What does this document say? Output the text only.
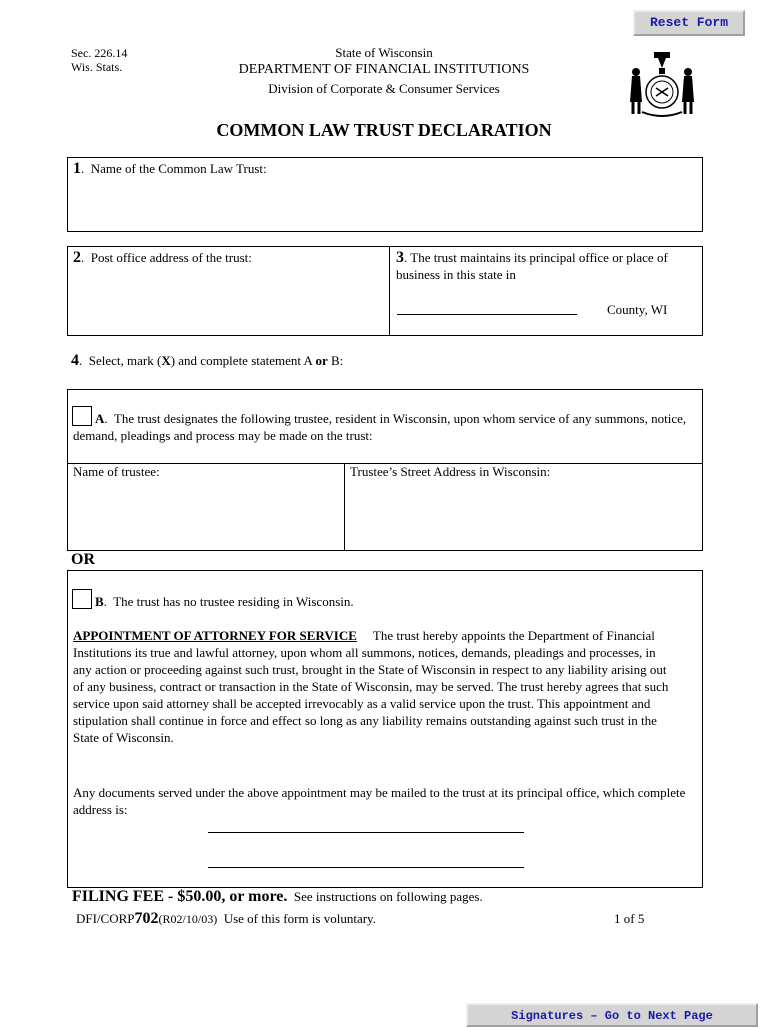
Reset Form
Sec. 226.14
Wis. Stats.
State of Wisconsin
DEPARTMENT OF FINANCIAL INSTITUTIONS
Division of Corporate & Consumer Services
COMMON LAW TRUST DECLARATION
1.  Name of the Common Law Trust:
2.  Post office address of the trust:	3. The trust maintains its principal office or place of business in this state in
County, WI
4.  Select, mark (X) and complete statement A or B:
A.  The trust designates the following trustee, resident in Wisconsin, upon whom service of any summons, notice, demand, pleadings and process may be made on the trust:
Name of trustee:	Trustee’s Street Address in Wisconsin:
OR
B.  The trust has no trustee residing in Wisconsin.
APPOINTMENT OF ATTORNEY FOR SERVICE The trust hereby appoints the Department of Financial Institutions its true and lawful attorney, upon whom all summons, notices, demands, pleadings and processes, in any action or proceeding against such trust, brought in the State of Wisconsin in respect to any liability arising out of any business, contract or transaction in the State of Wisconsin, may be served. The trust hereby agrees that such service upon said attorney shall be accepted irrevocably as a valid service upon the trust. This appointment and stipulation shall continue in force and effect so long as any liability remains outstanding against such trust in the State of Wisconsin.
Any documents served under the above appointment may be mailed to the trust at its principal office, which complete address is:
FILING FEE - $50.00, or more. See instructions on following pages.
DFI/CORP702(R02/10/03) Use of this form is voluntary.	1 of 5
Signatures – Go to Next Page
